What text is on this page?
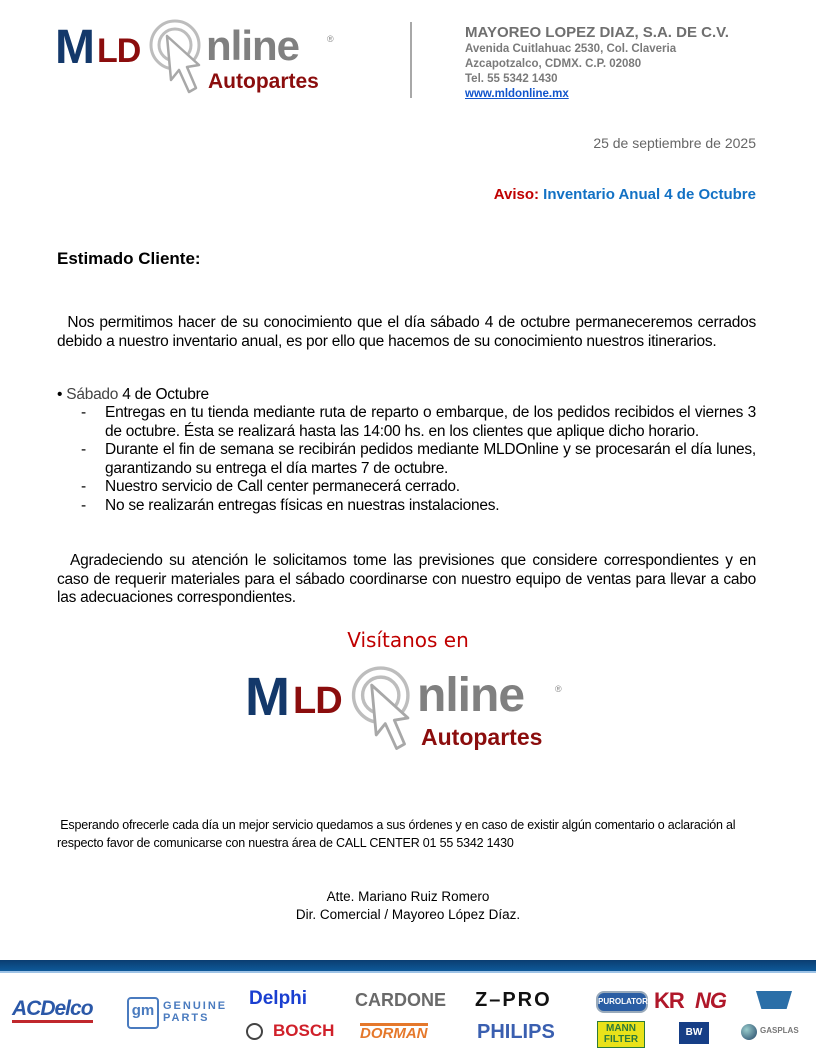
M LD nline	®
Autopartes
MAYOREO LOPEZ DIAZ, S.A. DE C.V.
Avenida Cuitlahuac 2530, Col. Claveria
Azcapotzalco, CDMX. C.P. 02080
Tel. 55 5342 1430
www.mldonline.mx
25 de septiembre de 2025
Aviso: Inventario Anual 4 de Octubre
Estimado Cliente:
Nos permitimos hacer de su conocimiento que el día sábado 4 de octubre permaneceremos cerrados debido a nuestro inventario anual, es por ello que hacemos de su conocimiento nuestros itinerarios.
• Sábado 4 de Octubre
- Entregas en tu tienda mediante ruta de reparto o embarque, de los pedidos recibidos el viernes 3 de octubre. Ésta se realizará hasta las 14:00 hs. en los clientes que aplique dicho horario.
- Durante el fin de semana se recibirán pedidos mediante MLDOnline y se procesarán el día lunes, garantizando su entrega el día martes 7 de octubre.
- Nuestro servicio de Call center permanecerá cerrado.
- No se realizarán entregas físicas en nuestras instalaciones.
Agradeciendo su atención le solicitamos tome las previsiones que considere correspondientes y en caso de requerir materiales para el sábado coordinarse con nuestro equipo de ventas para llevar a cabo las adecuaciones correspondientes.
Visítanos en
M LD nline	®
Autopartes
Esperando ofrecerle cada día un mejor servicio quedamos a sus órdenes y en caso de existir algún comentario o aclaración al respecto favor de comunicarse con nuestra área de CALL CENTER 01 55 5342 1430
Atte. Mariano Ruiz Romero
Dir. Comercial / Mayoreo López Díaz.
ACDelco	gm GENUINE
PARTS
Delphi
BOSCH
CARDONE
DORMAN
Z–PRO
PHILIPS
PUROLATOR
MANN
FILTER
KR NG
BW	GASPLAS
